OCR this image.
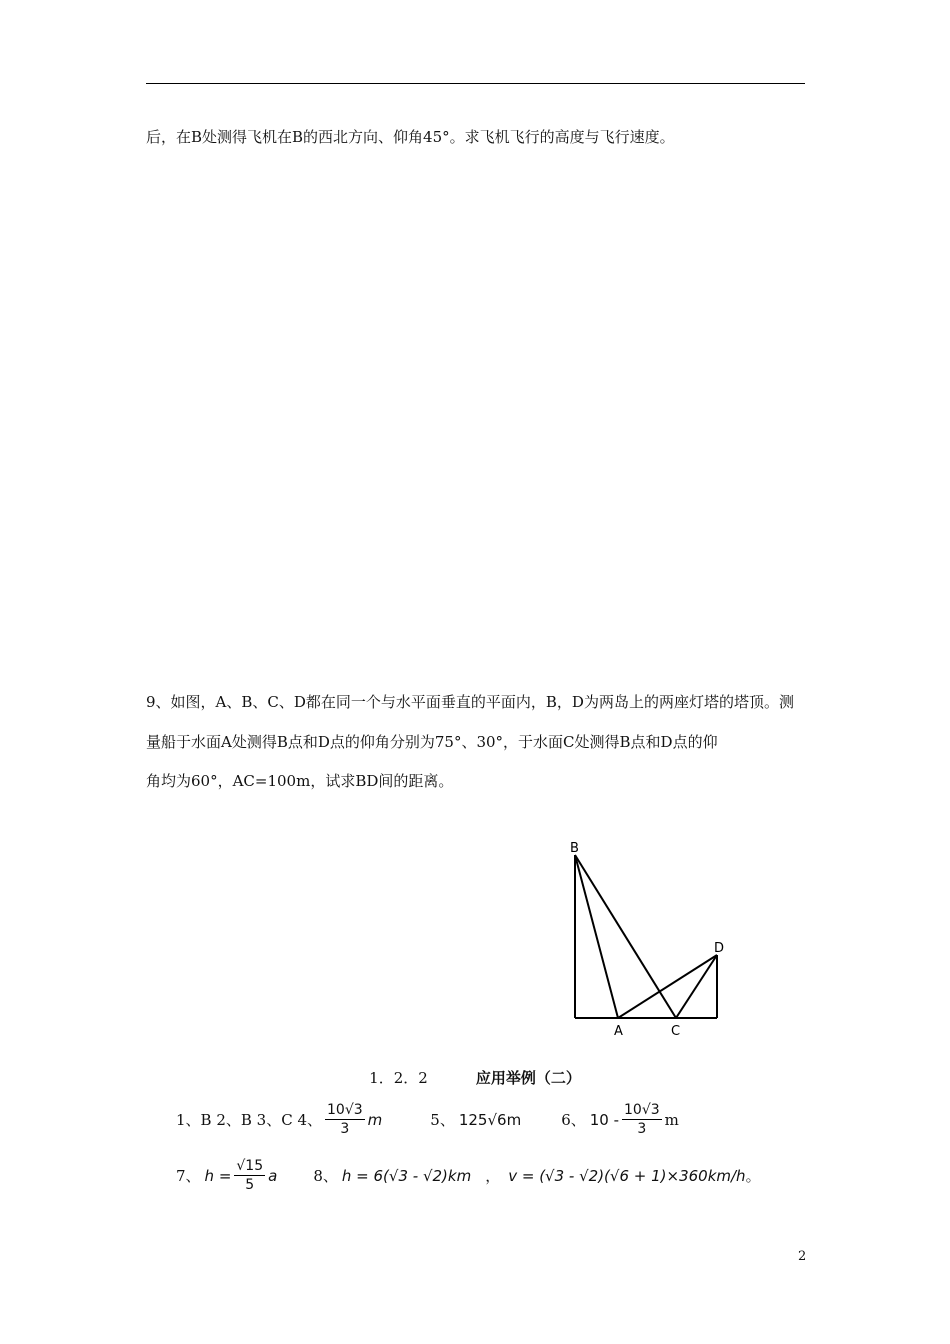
后，在B处测得飞机在B的西北方向、仰角45°。求飞机飞行的高度与飞行速度。
9、如图，A、B、C、D都在同一个与水平面垂直的平面内，B，D为两岛上的两座灯塔的塔顶。测
量船于水面A处测得B点和D点的仰角分别为75°、30°，于水面C处测得B点和D点的仰
角均为60°，AC=100m，试求BD间的距离。
B
D
A	C
1．2．2	应用举例（二）
1、B 2、B 3、C 4、 $\frac{10√3}{3}$ m	5、 125√6m	6、 $10 - \frac{10√3}{3}$ m
7、 $h = \frac{√15}{5}$ a 8、 h = 6(√3 - √2)km ， v = (√3 - √2)(√6 + 1)×360km/h 。
2
